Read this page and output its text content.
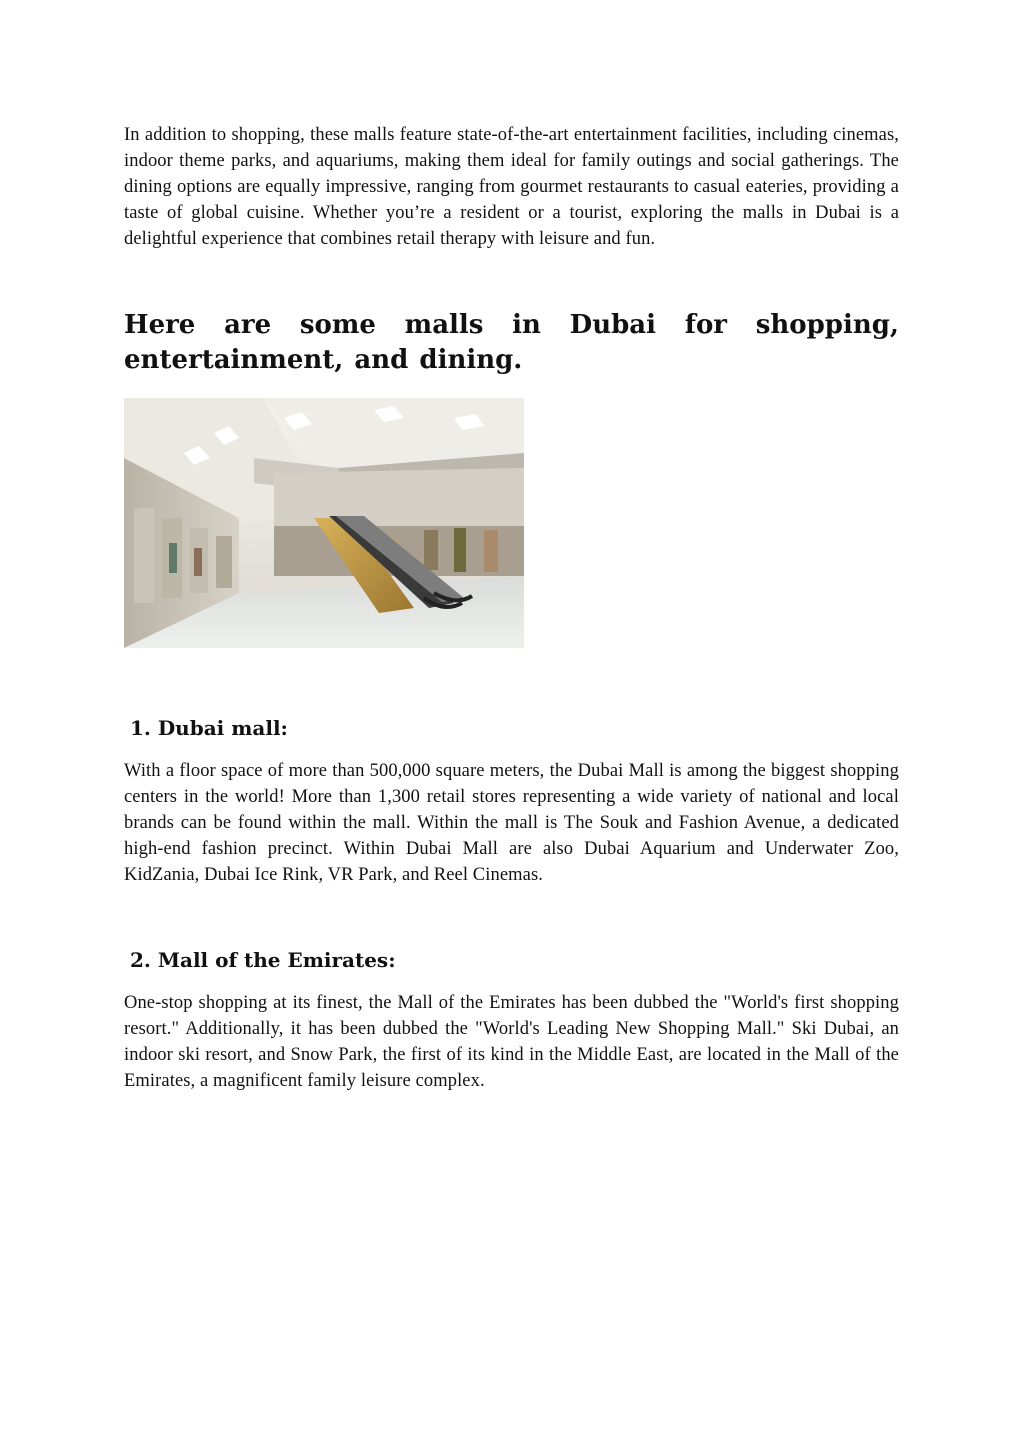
In addition to shopping, these malls feature state-of-the-art entertainment facilities, including cinemas, indoor theme parks, and aquariums, making them ideal for family outings and social gatherings. The dining options are equally impressive, ranging from gourmet restaurants to casual eateries, providing a taste of global cuisine. Whether you’re a resident or a tourist, exploring the malls in Dubai is a delightful experience that combines retail therapy with leisure and fun.

Here are some malls in Dubai for shopping, entertainment, and dining.
1. Dubai mall:

With a floor space of more than 500,000 square meters, the Dubai Mall is among the biggest shopping centers in the world! More than 1,300 retail stores representing a wide variety of national and local brands can be found within the mall. Within the mall is The Souk and Fashion Avenue, a dedicated high-end fashion precinct. Within Dubai Mall are also Dubai Aquarium and Underwater Zoo, KidZania, Dubai Ice Rink, VR Park, and Reel Cinemas.

2. Mall of the Emirates:

One-stop shopping at its finest, the Mall of the Emirates has been dubbed the "World's first shopping resort." Additionally, it has been dubbed the "World's Leading New Shopping Mall." Ski Dubai, an indoor ski resort, and Snow Park, the first of its kind in the Middle East, are located in the Mall of the Emirates, a magnificent family leisure complex.
